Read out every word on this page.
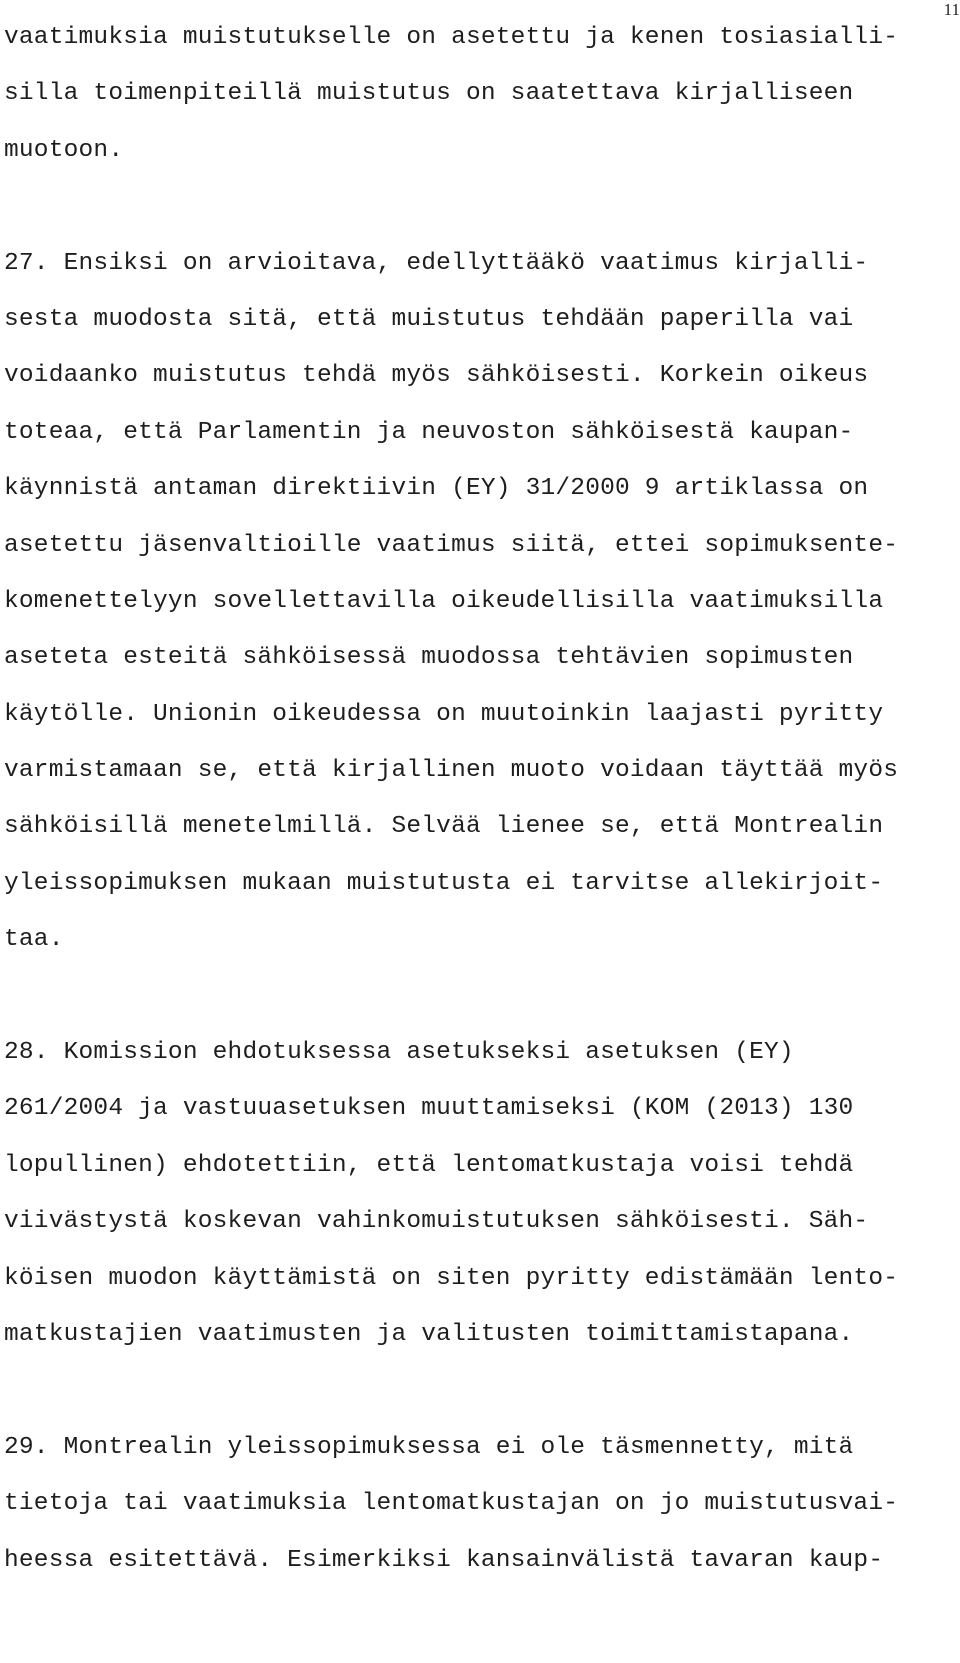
11
vaatimuksia muistutukselle on asetettu ja kenen tosiasialli-
silla toimenpiteillä muistutus on saatettava kirjalliseen
muotoon.
27. Ensiksi on arvioitava, edellyttääkö vaatimus kirjalli-
sesta muodosta sitä, että muistutus tehdään paperilla vai
voidaanko muistutus tehdä myös sähköisesti. Korkein oikeus
toteaa, että Parlamentin ja neuvoston sähköisestä kaupan-
käynnistä antaman direktiivin (EY) 31/2000 9 artiklassa on
asetettu jäsenvaltioille vaatimus siitä, ettei sopimuksente-
komenettelyyn sovellettavilla oikeudellisilla vaatimuksilla
aseteta esteitä sähköisessä muodossa tehtävien sopimusten
käytölle. Unionin oikeudessa on muutoinkin laajasti pyritty
varmistamaan se, että kirjallinen muoto voidaan täyttää myös
sähköisillä menetelmillä. Selvää lienee se, että Montrealin
yleissopimuksen mukaan muistutusta ei tarvitse allekirjoit-
taa.
28. Komission ehdotuksessa asetukseksi asetuksen (EY)
261/2004 ja vastuuasetuksen muuttamiseksi (KOM (2013) 130
lopullinen) ehdotettiin, että lentomatkustaja voisi tehdä
viivästystä koskevan vahinkomuistutuksen sähköisesti. Säh-
köisen muodon käyttämistä on siten pyritty edistämään lento-
matkustajien vaatimusten ja valitusten toimittamistapana.
29. Montrealin yleissopimuksessa ei ole täsmennetty, mitä
tietoja tai vaatimuksia lentomatkustajan on jo muistutusvai-
heessa esitettävä. Esimerkiksi kansainvälistä tavaran kaup-
